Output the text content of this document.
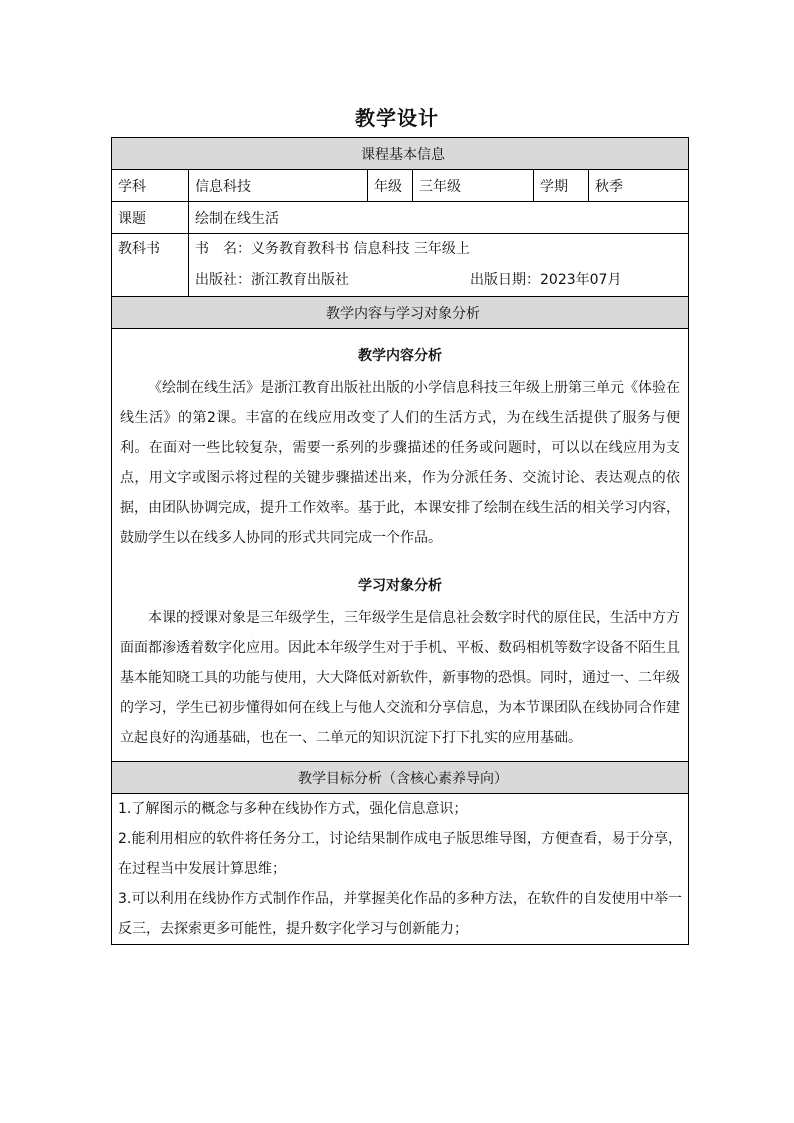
教学设计
课程基本信息					
学科	信息科技	年级	三年级	学期	秋季
课题	绘制在线生活				

教科书	书　名：义务教育教科书 信息科技 三年级上
出版社：浙江教育出版社 出版日期：2023年07月				

教学内容与学习对象分析					

教学内容分析

《绘制在线生活》是浙江教育出版社出版的小学信息科技三年级上册第三单元《体验在线生活》的第2课。丰富的在线应用改变了人们的生活方式，为在线生活提供了服务与便利。在面对一些比较复杂，需要一系列的步骤描述的任务或问题时，可以以在线应用为支点，用文字或图示将过程的关键步骤描述出来，作为分派任务、交流讨论、表达观点的依据，由团队协调完成，提升工作效率。基于此，本课安排了绘制在线生活的相关学习内容，鼓励学生以在线多人协同的形式共同完成一个作品。

学习对象分析

本课的授课对象是三年级学生，三年级学生是信息社会数字时代的原住民，生活中方方面面都渗透着数字化应用。因此本年级学生对于手机、平板、数码相机等数字设备不陌生且基本能知晓工具的功能与使用，大大降低对新软件，新事物的恐惧。同时，通过一、二年级的学习，学生已初步懂得如何在线上与他人交流和分享信息，为本节课团队在线协同合作建立起良好的沟通基础，也在一、二单元的知识沉淀下打下扎实的应用基础。					

教学目标分析（含核心素养导向）					

1.了解图示的概念与多种在线协作方式，强化信息意识；

2.能利用相应的软件将任务分工，讨论结果制作成电子版思维导图，方便查看，易于分享，在过程当中发展计算思维；

3.可以利用在线协作方式制作作品，并掌握美化作品的多种方法，在软件的自发使用中举一反三，去探索更多可能性，提升数字化学习与创新能力；					
